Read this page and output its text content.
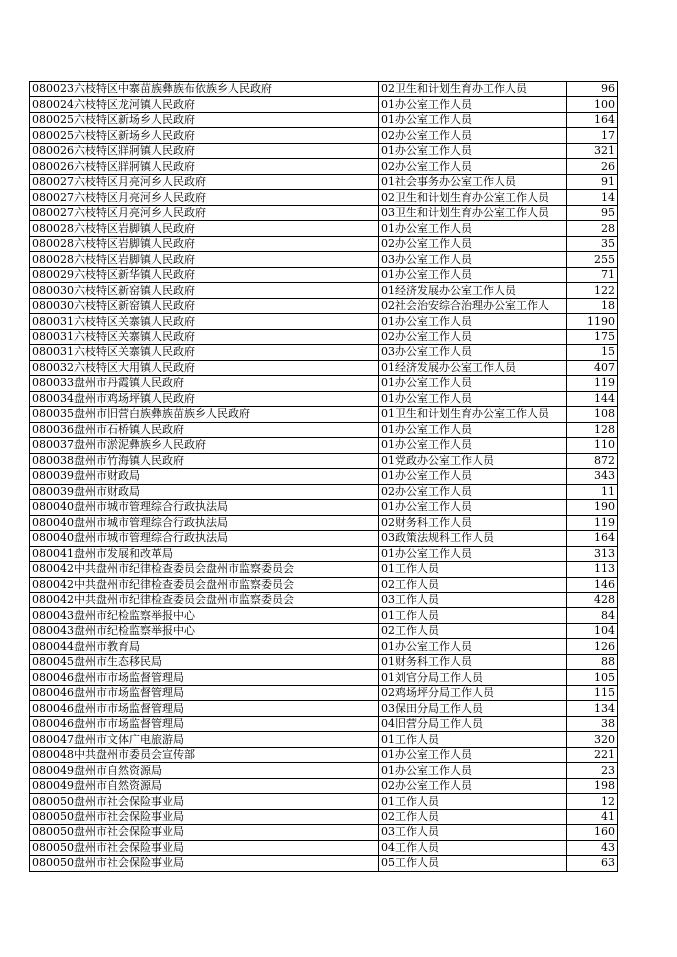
080023六枝特区中寨苗族彝族布依族乡人民政府	02卫生和计划生育办工作人员	96
080024六枝特区龙河镇人民政府	01办公室工作人员	100
080025六枝特区新场乡人民政府	01办公室工作人员	164
080025六枝特区新场乡人民政府	02办公室工作人员	17
080026六枝特区牂牁镇人民政府	01办公室工作人员	321
080026六枝特区牂牁镇人民政府	02办公室工作人员	26
080027六枝特区月亮河乡人民政府	01社会事务办公室工作人员	91
080027六枝特区月亮河乡人民政府	02卫生和计划生育办公室工作人员	14
080027六枝特区月亮河乡人民政府	03卫生和计划生育办公室工作人员	95
080028六枝特区岩脚镇人民政府	01办公室工作人员	28
080028六枝特区岩脚镇人民政府	02办公室工作人员	35
080028六枝特区岩脚镇人民政府	03办公室工作人员	255
080029六枝特区新华镇人民政府	01办公室工作人员	71
080030六枝特区新窑镇人民政府	01经济发展办公室工作人员	122
080030六枝特区新窑镇人民政府	02社会治安综合治理办公室工作人	18
080031六枝特区关寨镇人民政府	01办公室工作人员	1190
080031六枝特区关寨镇人民政府	02办公室工作人员	175
080031六枝特区关寨镇人民政府	03办公室工作人员	15
080032六枝特区大用镇人民政府	01经济发展办公室工作人员	407
080033盘州市丹霞镇人民政府	01办公室工作人员	119
080034盘州市鸡场坪镇人民政府	01办公室工作人员	144
080035盘州市旧营白族彝族苗族乡人民政府	01卫生和计划生育办公室工作人员	108
080036盘州市石桥镇人民政府	01办公室工作人员	128
080037盘州市淤泥彝族乡人民政府	01办公室工作人员	110
080038盘州市竹海镇人民政府	01党政办公室工作人员	872
080039盘州市财政局	01办公室工作人员	343
080039盘州市财政局	02办公室工作人员	11
080040盘州市城市管理综合行政执法局	01办公室工作人员	190
080040盘州市城市管理综合行政执法局	02财务科工作人员	119
080040盘州市城市管理综合行政执法局	03政策法规科工作人员	164
080041盘州市发展和改革局	01办公室工作人员	313
080042中共盘州市纪律检查委员会盘州市监察委员会	01工作人员	113
080042中共盘州市纪律检查委员会盘州市监察委员会	02工作人员	146
080042中共盘州市纪律检查委员会盘州市监察委员会	03工作人员	428
080043盘州市纪检监察举报中心	01工作人员	84
080043盘州市纪检监察举报中心	02工作人员	104
080044盘州市教育局	01办公室工作人员	126
080045盘州市生态移民局	01财务科工作人员	88
080046盘州市市场监督管理局	01刘官分局工作人员	105
080046盘州市市场监督管理局	02鸡场坪分局工作人员	115
080046盘州市市场监督管理局	03保田分局工作人员	134
080046盘州市市场监督管理局	04旧营分局工作人员	38
080047盘州市文体广电旅游局	01工作人员	320
080048中共盘州市委员会宣传部	01办公室工作人员	221
080049盘州市自然资源局	01办公室工作人员	23
080049盘州市自然资源局	02办公室工作人员	198
080050盘州市社会保险事业局	01工作人员	12
080050盘州市社会保险事业局	02工作人员	41
080050盘州市社会保险事业局	03工作人员	160
080050盘州市社会保险事业局	04工作人员	43
080050盘州市社会保险事业局	05工作人员	63
